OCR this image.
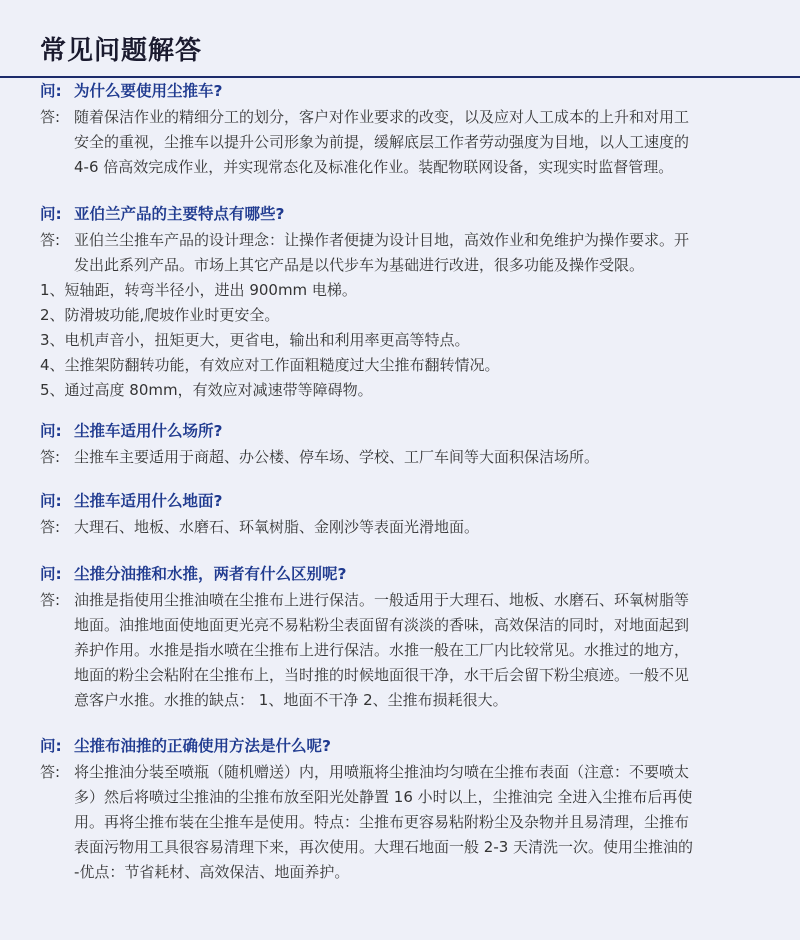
常见问题解答
问: 为什么要使用尘推车?
答: 随着保洁作业的精细分工的划分，客户对作业要求的改变，以及应对人工成本的上升和对用工
安全的重视，尘推车以提升公司形象为前提，缓解底层工作者劳动强度为目地，以人工速度的
4-6 倍高效完成作业，并实现常态化及标准化作业。装配物联网设备，实现实时监督管理。
问: 亚伯兰产品的主要特点有哪些?
答: 亚伯兰尘推车产品的设计理念：让操作者便捷为设计目地，高效作业和免维护为操作要求。开
发出此系列产品。市场上其它产品是以代步车为基础进行改进，很多功能及操作受限。
1、短轴距，转弯半径小，进出 900mm 电梯。
2、防滑坡功能,爬坡作业时更安全。
3、电机声音小，扭矩更大，更省电，输出和利用率更高等特点。
4、尘推架防翻转功能，有效应对工作面粗糙度过大尘推布翻转情况。
5、通过高度 80mm，有效应对减速带等障碍物。
问: 尘推车适用什么场所?
答: 尘推车主要适用于商超、办公楼、停车场、学校、工厂车间等大面积保洁场所。
问: 尘推车适用什么地面?
答: 大理石、地板、水磨石、环氧树脂、金刚沙等表面光滑地面。
问: 尘推分油推和水推，两者有什么区别呢?
答: 油推是指使用尘推油喷在尘推布上进行保洁。一般适用于大理石、地板、水磨石、环氧树脂等
地面。油推地面使地面更光亮不易粘粉尘表面留有淡淡的香味，高效保洁的同时，对地面起到
养护作用。水推是指水喷在尘推布上进行保洁。水推一般在工厂内比较常见。水推过的地方，
地面的粉尘会粘附在尘推布上，当时推的时候地面很干净，水干后会留下粉尘痕迹。一般不见
意客户水推。水推的缺点： 1、地面不干净 2、尘推布损耗很大。
问: 尘推布油推的正确使用方法是什么呢?
答: 将尘推油分装至喷瓶（随机赠送）内，用喷瓶将尘推油均匀喷在尘推布表面（注意：不要喷太
多）然后将喷过尘推油的尘推布放至阳光处静置 16 小时以上，尘推油完 全进入尘推布后再使
用。再将尘推布装在尘推车是使用。特点：尘推布更容易粘附粉尘及杂物并且易清理，尘推布
表面污物用工具很容易清理下来，再次使用。大理石地面一般 2-3 天清洗一次。使用尘推油的
-优点：节省耗材、高效保洁、地面养护。
